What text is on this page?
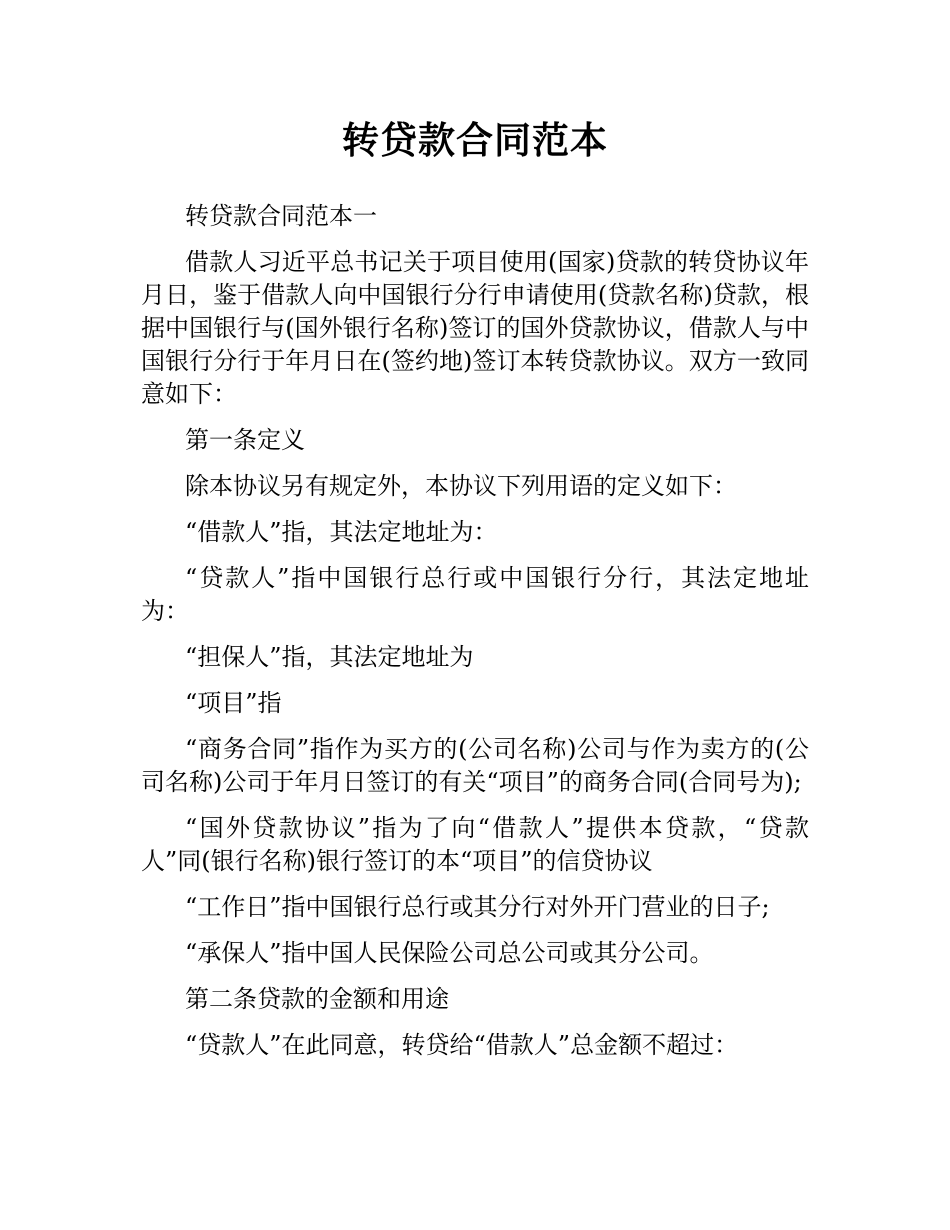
转贷款合同范本

转贷款合同范本一

借款人习近平总书记关于项目使用(国家)贷款的转贷协议年月日，鉴于借款人向中国银行分行申请使用(贷款名称)贷款，根据中国银行与(国外银行名称)签订的国外贷款协议，借款人与中国银行分行于年月日在(签约地)签订本转贷款协议。双方一致同意如下：

第一条定义

除本协议另有规定外，本协议下列用语的定义如下：

“借款人”指，其法定地址为：

“贷款人”指中国银行总行或中国银行分行，其法定地址为：

“担保人”指，其法定地址为

“项目”指

“商务合同”指作为买方的(公司名称)公司与作为卖方的(公司名称)公司于年月日签订的有关“项目”的商务合同(合同号为);

“国外贷款协议”指为了向“借款人”提供本贷款，“贷款人”同(银行名称)银行签订的本“项目”的信贷协议

“工作日”指中国银行总行或其分行对外开门营业的日子;

“承保人”指中国人民保险公司总公司或其分公司。

第二条贷款的金额和用途

“贷款人”在此同意，转贷给“借款人”总金额不超过：
